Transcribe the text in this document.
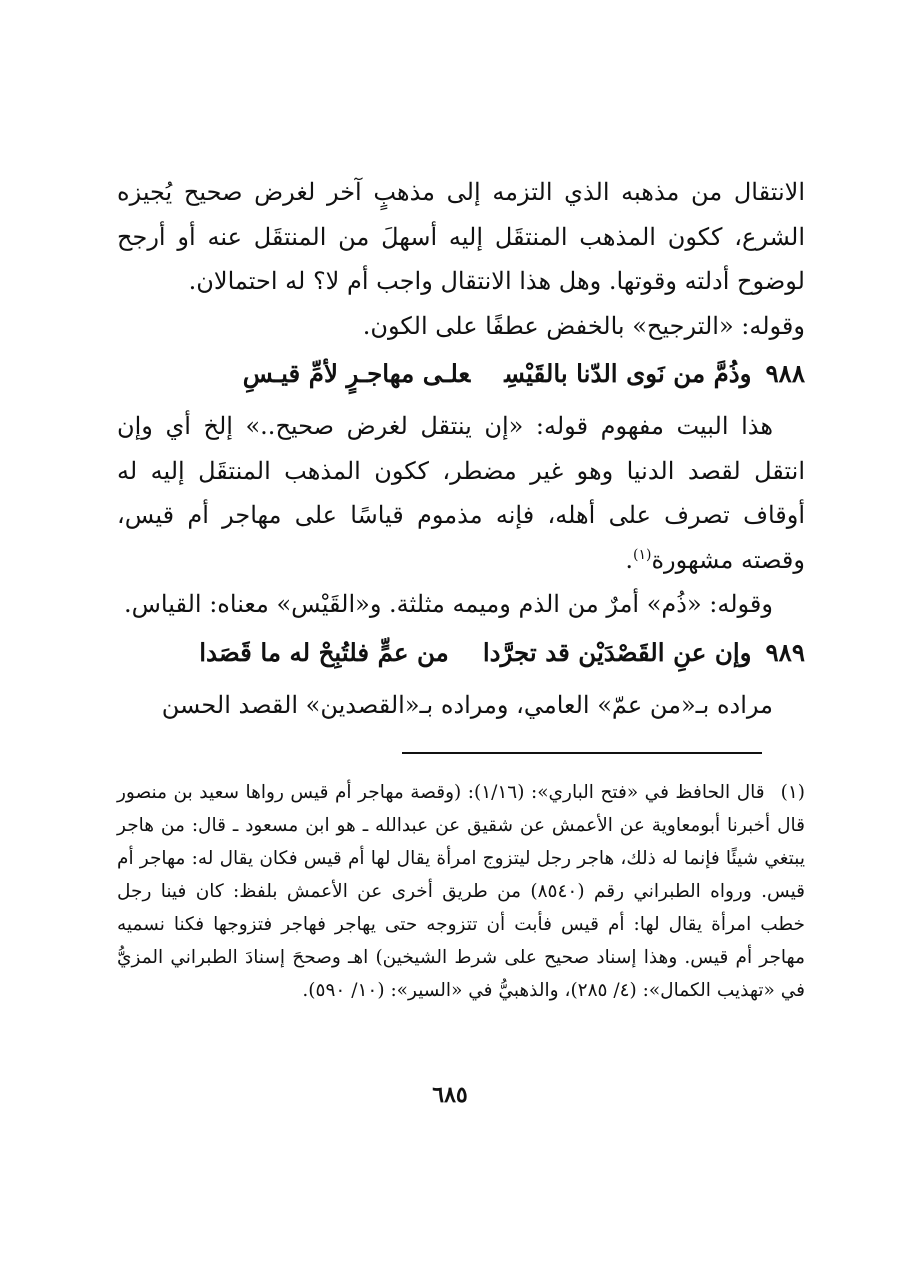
الانتقال من مذهبه الذي التزمه إلى مذهبٍ آخر لغرض صحيح يُجيزه الشرع، ككون المذهب المنتقَل إليه أسهلَ من المنتقَل عنه أو أرجح لوضوح أدلته وقوتها. وهل هذا الانتقال واجب أم لا؟ له احتمالان.

وقوله: «الترجيح» بالخفض عطفًا على الكون.

٩٨٨وذُمَّ من نَوى الدّنا بالقَيْسِعلـى مهاجـرٍ لأمِّ قيـسِ

هذا البيت مفهوم قوله: «إن ينتقل لغرض صحيح..» إلخ أي وإن انتقل لقصد الدنيا وهو غير مضطر، ككون المذهب المنتقَل إليه له أوقاف تصرف على أهله، فإنه مذموم قياسًا على مهاجر أم قيس، وقصته مشهورة$^{(١)}$.

وقوله: «ذُم» أمرٌ من الذم وميمه مثلثة. و«القَيْس» معناه: القياس.

٩٨٩وإن عنِ القَصْدَيْن قد تجرَّدامن عمٍّ فلتُبِحْ له ما قَصَدا

مراده بـ«من عمّ» العامي، ومراده بـ«القصدين» القصد الحسن

(١)قال الحافظ في «فتح الباري»: (١/١٦): (وقصة مهاجر أم قيس رواها سعيد بن منصور قال أخبرنا أبومعاوية عن الأعمش عن شقيق عن عبدالله ـ هو ابن مسعود ـ قال: من هاجر يبتغي شيئًا فإنما له ذلك، هاجر رجل ليتزوج امرأة يقال لها أم قيس فكان يقال له: مهاجر أم قيس. ورواه الطبراني رقم (٨٥٤٠) من طريق أخرى عن الأعمش بلفظ: كان فينا رجل خطب امرأة يقال لها: أم قيس فأبت أن تتزوجه حتى يهاجر فهاجر فتزوجها فكنا نسميه مهاجر أم قيس. وهذا إسناد صحيح على شرط الشيخين) اهـ وصححَ إسنادَ الطبراني المزيُّ في «تهذيب الكمال»: (٤/ ٢٨٥)، والذهبيُّ في «السير»: (١٠/ ٥٩٠).

٦٨٥
